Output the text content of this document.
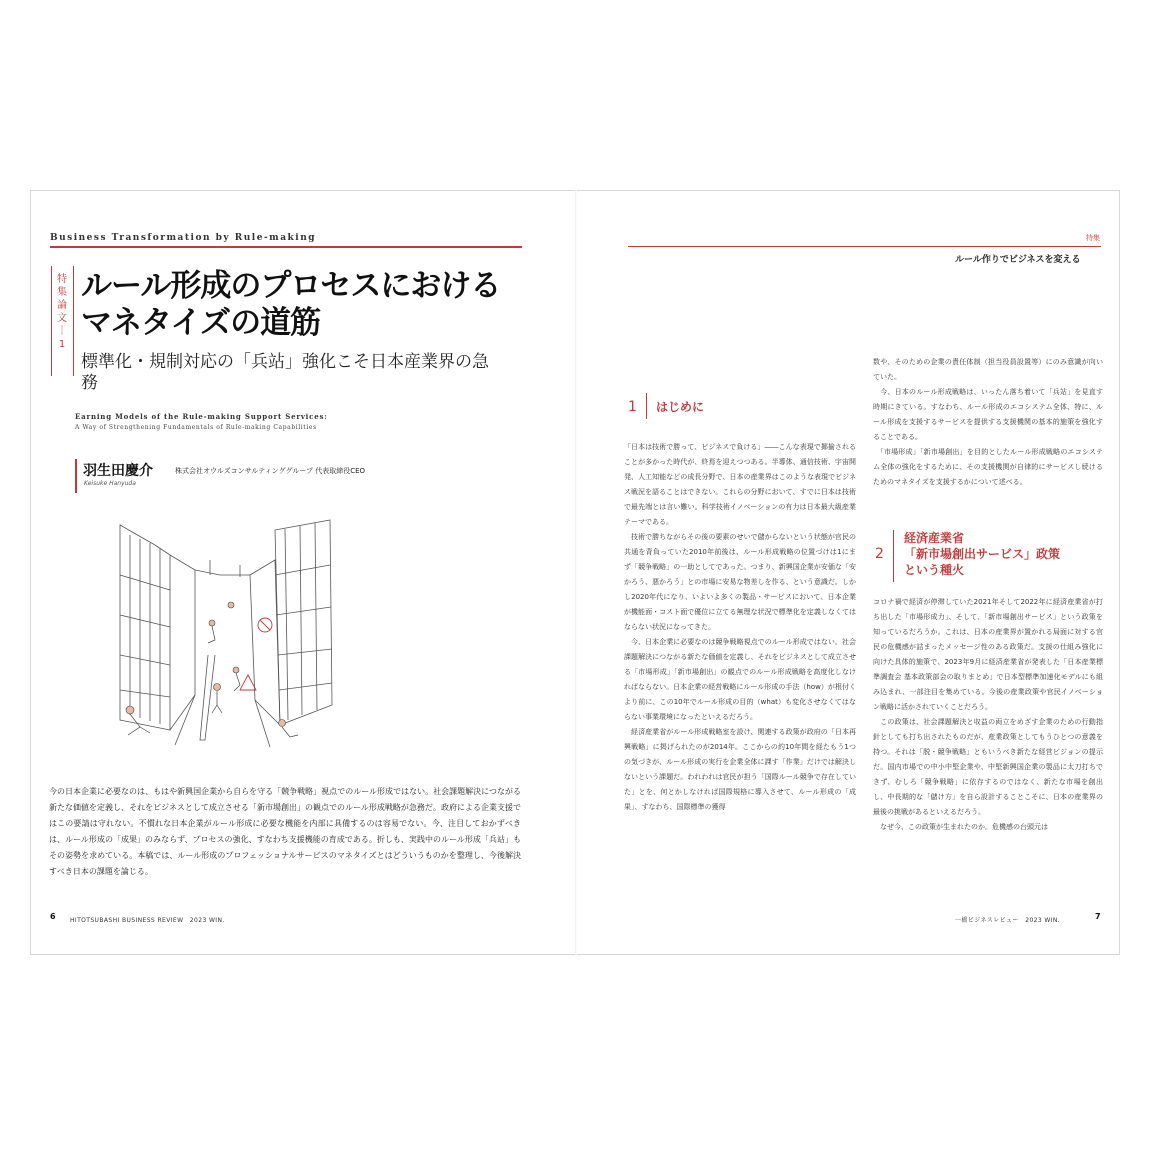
Business Transformation by Rule-making	特集
ルール作りでビジネスを変える
特集論文｜1
ルール形成のプロセスにおけるマネタイズの道筋
標準化・規制対応の「兵站」強化こそ日本産業界の急務
Earning Models of the Rule-making Support Services:
A Way of Strengthening Fundamentals of Rule-making Capabilities
羽生田慶介	株式会社オウルズコンサルティンググループ 代表取締役CEO
Keisuke Hanyuda
今の日本企業に必要なのは、もはや新興国企業から自らを守る「競争戦略」視点でのルール形成ではない。社会課題解決につながる新たな価値を定義し、それをビジネスとして成立させる「新市場創出」の観点でのルール形成戦略が急務だ。政府による企業支援ではこの要請は守れない。不慣れな日本企業がルール形成に必要な機能を内部に具備するのは容易でない。今、注目しておかずべきは、ルール形成の「成果」のみならず、プロセスの強化、すなわち支援機能の育成である。折しも、実践中のルール形成「兵站」もその姿勢を求めている。本稿では、ルール形成のプロフェッショナルサービスのマネタイズとはどういうものかを整理し、今後解決すべき日本の課題を論じる。
1 はじめに
「日本は技術で勝って、ビジネスで負ける」――こんな表現で揶揄されることが多かった時代が、終焉を迎えつつある。半導体、通信技術、宇宙開発、人工知能などの成長分野で、日本の産業界はこのような表現でビジネス戦況を語ることはできない。これらの分野において、すでに日本は技術で最先端とは言い難い。科学技術イノベーションの有力は日本最大級産業テーマである。
　技術で勝ちながらその後の要素のせいで儲からないという状態が官民の共通を背負っていた2010年前後は、ルール形成戦略の位置づけは1にまず「競争戦略」の一助としてであった。つまり、新興国企業が安価な「安かろう、悪かろう」との市場に安易な物差しを作る、という意識だ。しかし2020年代になり、いよいよ多くの製品・サービスにおいて、日本企業が機能面・コスト面で優位に立てる無理な状況で標準化を定義しなくてはならない状況になってきた。
　今、日本企業に必要なのは競争戦略視点でのルール形成ではない。社会課題解決につながる新たな価値を定義し、それをビジネスとして成立させる「市場形成」「新市場創出」の観点でのルール形成戦略を高度化しなければならない。日本企業の経営戦略にルール形成の手法（how）が根付くより前に、この10年でルール形成の目的（what）も変化させなくてはならない事業環境になったといえるだろう。
　経済産業省がルール形成戦略室を設け、関連する政策が政府の「日本再興戦略」に掲げられたのが2014年。ここからの約10年間を経たもう1つの気づきが、ルール形成の実行を企業全体に課す「作業」だけでは解決しないという課題だ。われわれは官民が担う「国際ルール競争で存在していた」とを、何とかしなければ国際規格に導入させて、ルール形成の「成果」、すなわち、国際標準の獲得
数や、そのための企業の責任体制（担当役員設置等）にのみ意識が向いていた。
　今、日本のルール形成戦略は、いったん落ち着いて「兵站」を見直す時期にきている。すなわち、ルール形成のエコシステム全体、特に、ルール形成を支援するサービスを提供する支援機関の基本的施策を強化することである。
　「市場形成」「新市場創出」を目的としたルール形成戦略のエコシステム全体の強化をするために、その支援機関が自律的にサービスし続けるためのマネタイズを支援するかについて述べる。
2
経済産業省
「新市場創出サービス」政策
という種火
コロナ禍で経済が停滞していた2021年そして2022年に経済産業省が打ち出した「市場形成力」、そして、「新市場創出サービス」という政策を知っているだろうか。これは、日本の産業界が置かれる局面に対する官民の危機感が詰まったメッセージ性のある政策だ。支援の仕組み強化に向けた具体的施策で、2023年9月に経済産業省が発表した「日本産業標準調査会 基本政策部会の取りまとめ」で日本型標準加速化モデルにも組み込まれ、一部注目を集めている。今後の産業政策や官民イノベーション戦略に活かされていくことだろう。
　この政策は、社会課題解決と収益の両立をめざす企業のための行動指針としても打ち出されたものだが、産業政策としてもうひとつの意義を持つ。それは「脱・競争戦略」ともいうべき新たな経営ビジョンの提示だ。国内市場での中小中堅企業や、中堅新興国企業の製品に太刀打ちできず、むしろ「競争戦略」に依存するのではなく、新たな市場を創出し、中長期的な「儲け方」を自ら設計することこそに、日本の産業界の最後の挑戦があるといえるだろう。
　なぜ今、この政策が生まれたのか。危機感の台頭元は
6 HITOTSUBASHI BUSINESS REVIEW　2023 WIN.	一橋ビジネスレビュー　2023 WIN.	7
